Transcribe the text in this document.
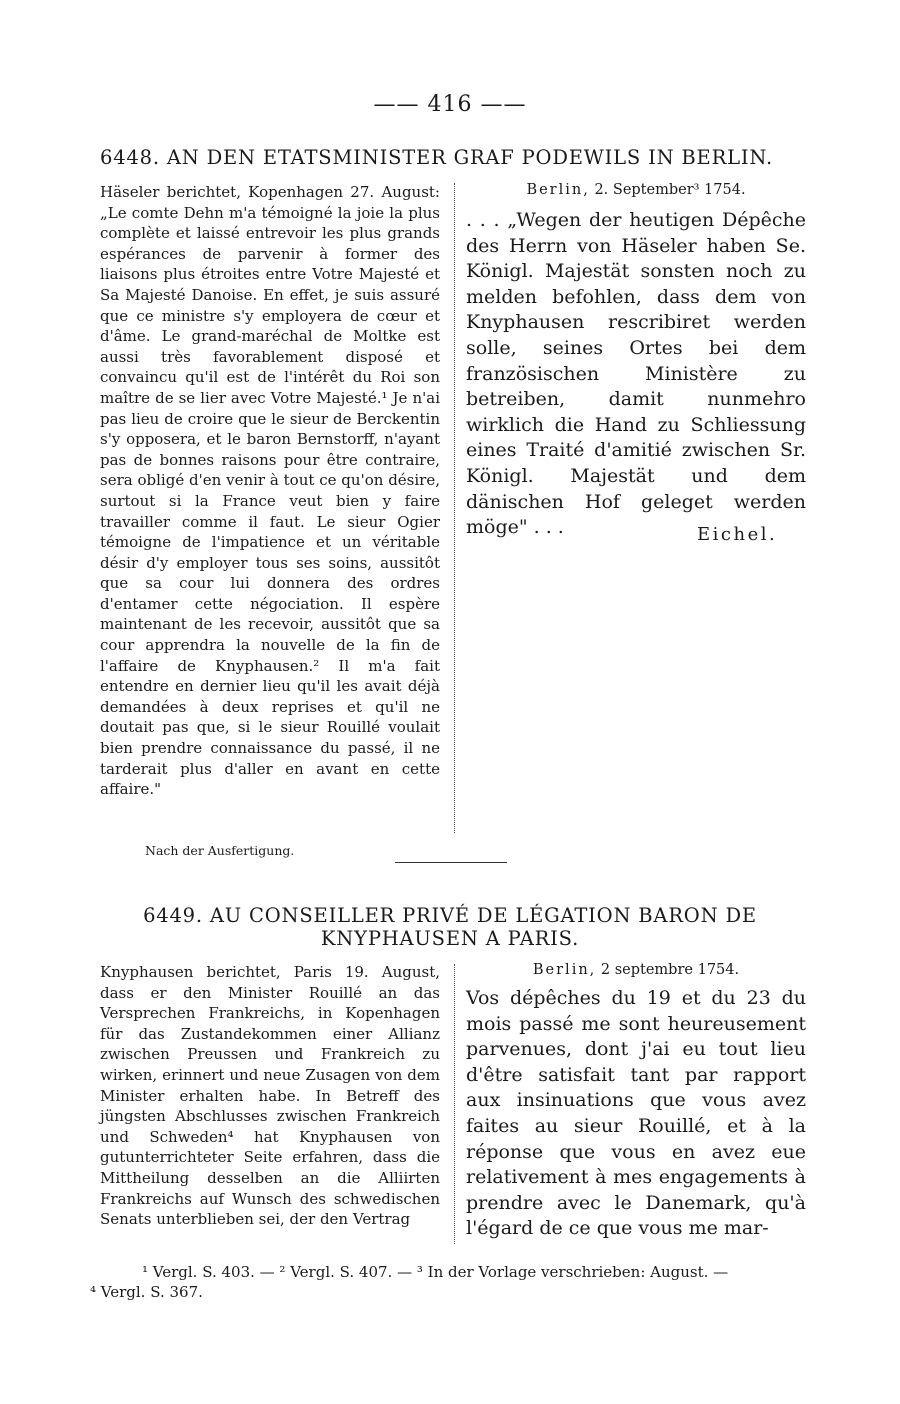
—— 416 ——
6448. AN DEN ETATSMINISTER GRAF PODEWILS IN BERLIN.

Häseler berichtet, Kopenhagen 27. August: „Le comte Dehn m'a témoigné la joie la plus complète et laissé entrevoir les plus grands espérances de parvenir à former des liaisons plus étroites entre Votre Majesté et Sa Majesté Danoise. En effet, je suis assuré que ce ministre s'y employera de cœur et d'âme. Le grand-maréchal de Moltke est aussi très favorablement disposé et convaincu qu'il est de l'intérêt du Roi son maître de se lier avec Votre Majesté.¹ Je n'ai pas lieu de croire que le sieur de Berckentin s'y opposera, et le baron Bernstorff, n'ayant pas de bonnes raisons pour être contraire, sera obligé d'en venir à tout ce qu'on désire, surtout si la France veut bien y faire travailler comme il faut. Le sieur Ogier témoigne de l'impatience et un véritable désir d'y employer tous ses soins, aussitôt que sa cour lui donnera des ordres d'entamer cette négociation. Il espère maintenant de les recevoir, aussitôt que sa cour apprendra la nouvelle de la fin de l'affaire de Knyphausen.² Il m'a fait entendre en dernier lieu qu'il les avait déjà demandées à deux reprises et qu'il ne doutait pas que, si le sieur Rouillé voulait bien prendre connaissance du passé, il ne tarderait plus d'aller en avant en cette affaire."

Nach der Ausfertigung.
Berlin, 2. September³ 1754.

. . . „Wegen der heutigen Dépêche des Herrn von Häseler haben Se. Königl. Majestät sonsten noch zu melden befohlen, dass dem von Knyphausen rescribiret werden solle, seines Ortes bei dem französischen Ministère zu betreiben, damit nunmehro wirklich die Hand zu Schliessung eines Traité d'amitié zwischen Sr. Königl. Majestät und dem dänischen Hof geleget werden möge" . . .	Eichel.
6449. AU CONSEILLER PRIVÉ DE LÉGATION BARON DE
KNYPHAUSEN A PARIS.

Knyphausen berichtet, Paris 19. August, dass er den Minister Rouillé an das Versprechen Frankreichs, in Kopenhagen für das Zustandekommen einer Allianz zwischen Preussen und Frankreich zu wirken, erinnert und neue Zusagen von dem Minister erhalten habe. In Betreff des jüngsten Abschlusses zwischen Frankreich und Schweden⁴ hat Knyphausen von gutunterrichteter Seite erfahren, dass die Mittheilung desselben an die Alliirten Frankreichs auf Wunsch des schwedischen Senats unterblieben sei, der den Vertrag

Berlin, 2 septembre 1754.

Vos dépêches du 19 et du 23 du mois passé me sont heureusement parvenues, dont j'ai eu tout lieu d'être satisfait tant par rapport aux insinuations que vous avez faites au sieur Rouillé, et à la réponse que vous en avez eue relativement à mes engagements à prendre avec le Danemark, qu'à l'égard de ce que vous me mar-

¹ Vergl. S. 403. — ² Vergl. S. 407. — ³ In der Vorlage verschrieben: August. —

⁴ Vergl. S. 367.
